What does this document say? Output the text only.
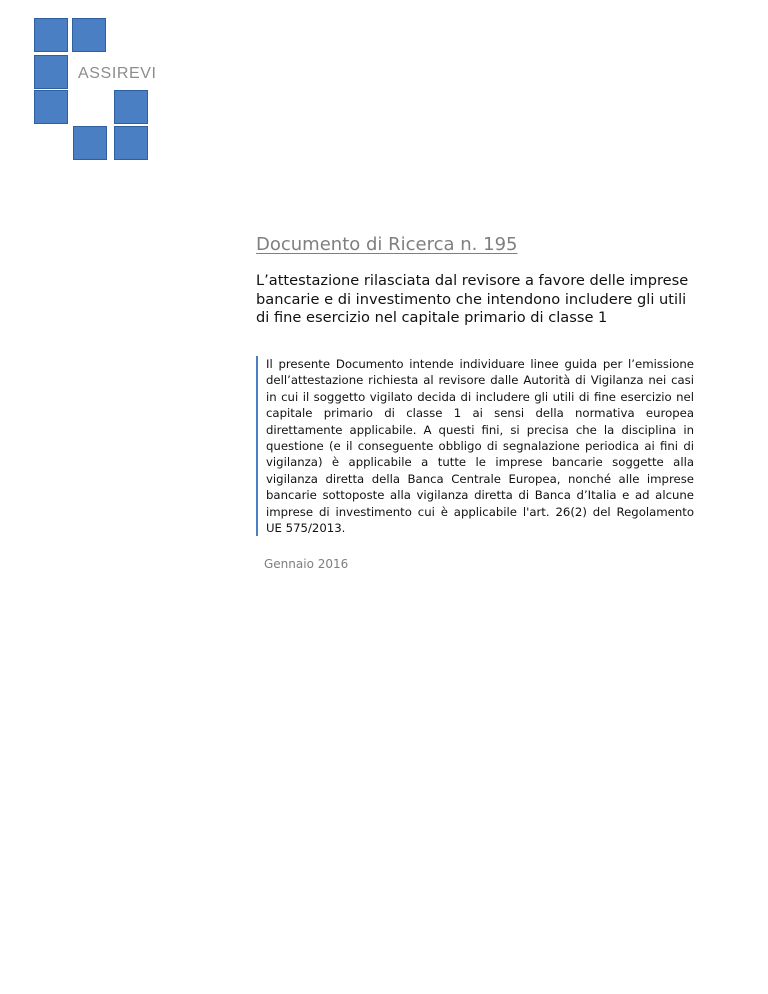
ASSIREVI
Documento di Ricerca n. 195
L’attestazione rilasciata dal revisore a favore delle imprese bancarie e di investimento che intendono includere gli utili di fine esercizio nel capitale primario di classe 1
Il presente Documento intende individuare linee guida per l’emissione dell’attestazione richiesta al revisore dalle Autorità di Vigilanza nei casi in cui il soggetto vigilato decida di includere gli utili di fine esercizio nel capitale primario di classe 1 ai sensi della normativa europea direttamente applicabile. A questi fini, si precisa che la disciplina in questione (e il conseguente obbligo di segnalazione periodica ai fini di vigilanza) è applicabile a tutte le imprese bancarie soggette alla vigilanza diretta della Banca Centrale Europea, nonché alle imprese bancarie sottoposte alla vigilanza diretta di Banca d’Italia e ad alcune imprese di investimento cui è applicabile l'art. 26(2) del Regolamento UE 575/2013.
Gennaio 2016
